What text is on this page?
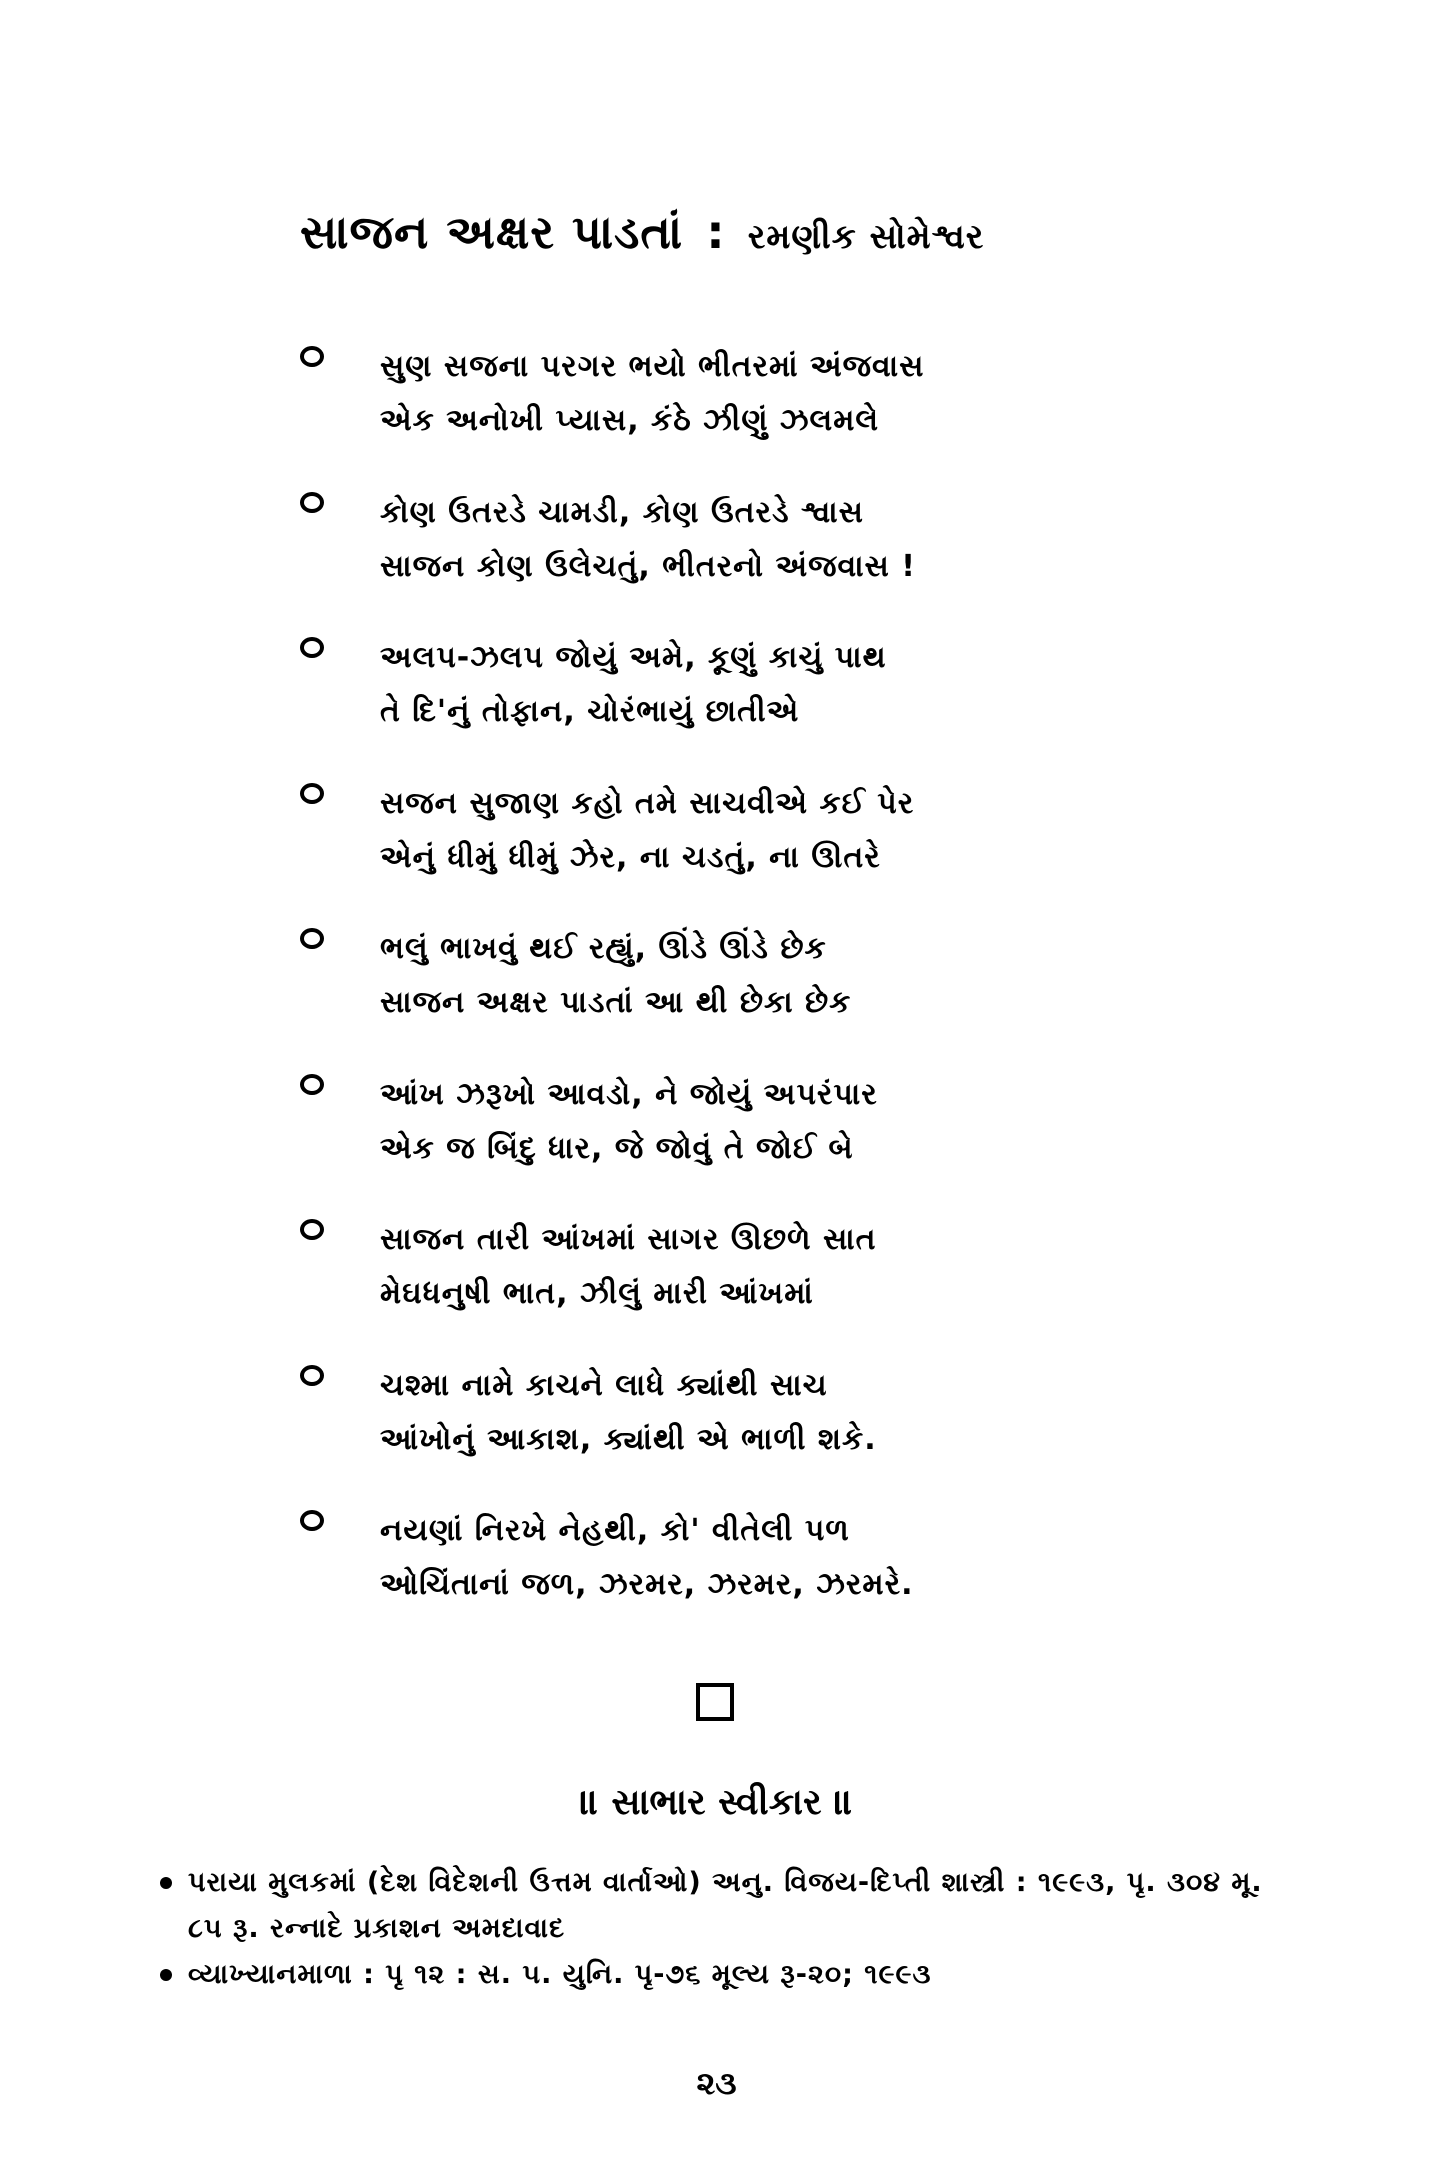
સાજન અક્ષર પાડતાં : રમણીક સોમેશ્વર
સુણ સજના પરગર ભયો ભીતરમાં અંજવાસ
એક અનોખી પ્યાસ, કંઠે ઝીણું ઝલમલે
કોણ ઉતરડે ચામડી, કોણ ઉતરડે શ્વાસ
સાજન કોણ ઉલેચતું, ભીતરનો અંજવાસ !
અલપ-ઝલપ જોયું અમે, કૂણું કાચું પાથ
તે દિ'નું તોફાન, ચોરંભાયું છાતીએ
સજન સુજાણ કહો તમે સાચવીએ કઈ પેર
એનું ધીમું ધીમું ઝેર, ના ચડતું, ના ઊતરે
ભલું ભાખવું થઈ રહ્યું, ઊંડે ઊંડે છેક
સાજન અક્ષર પાડતાં આ થી છેકા છેક
આંખ ઝરૂખો આવડો, ને જોયું અપરંપાર
એક જ બિંદુ ધાર, જે જોવું તે જોઈ બે
સાજન તારી આંખમાં સાગર ઊછળે સાત
મેઘધનુષી ભાત, ઝીલું મારી આંખમાં
ચશ્મા નામે કાચને લાધે ક્યાંથી સાચ
આંખોનું આકાશ, ક્યાંથી એ ભાળી શકે.
નયણાં નિરખે નેહથી, કો' વીતેલી પળ
ઓચિંતાનાં જળ, ઝરમર, ઝરમર, ઝરમરે.
॥ સાભાર સ્વીકાર ॥
પરાયા મુલકમાં (દેશ વિદેશની ઉત્તમ વાર્તાઓ) અનુ. વિજય-દિપ્તી શાસ્ત્રી : ૧૯૯૩, પૃ. ૩૦૪ મૂ. ૮૫ રૂ. રન્નાદે પ્રકાશન અમદાવાદ
વ્યાખ્યાનમાળા : પૃ ૧૨ : સ. ૫. યુનિ. પૃ-૭૬ મૂલ્ય રૂ-૨૦; ૧૯૯૩
૨૩
